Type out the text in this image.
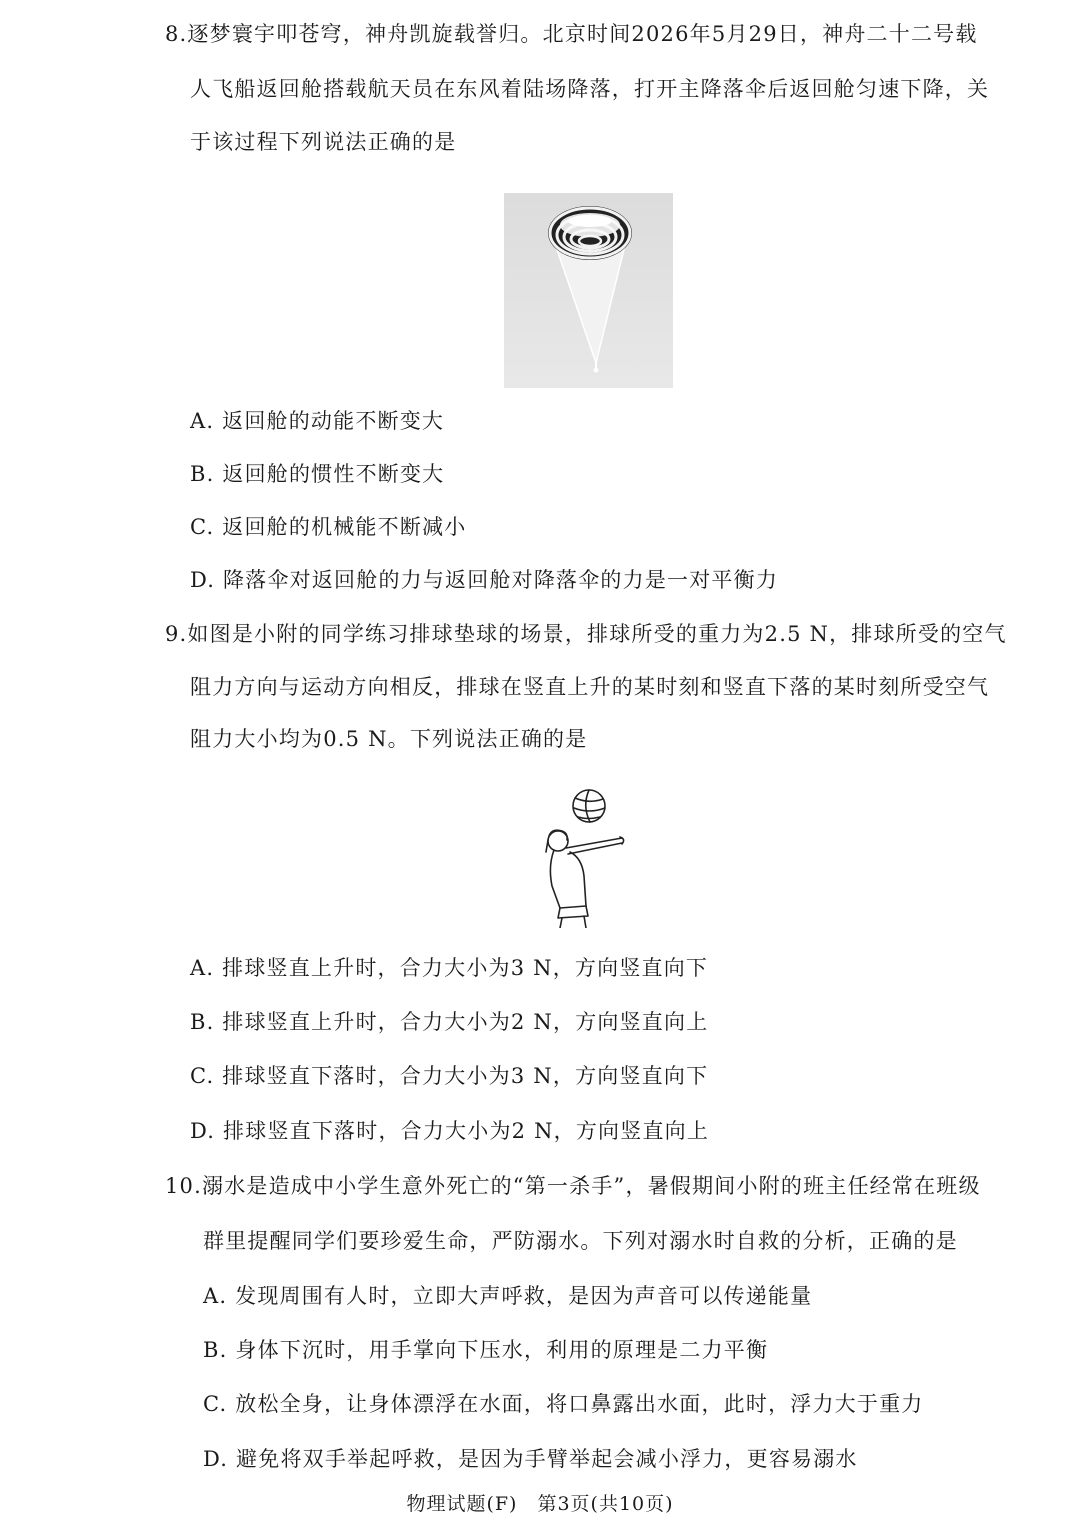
8.逐梦寰宇叩苍穹，神舟凯旋载誉归。北京时间2026年5月29日，神舟二十二号载
人飞船返回舱搭载航天员在东风着陆场降落，打开主降落伞后返回舱匀速下降，关
于该过程下列说法正确的是
A. 返回舱的动能不断变大
B. 返回舱的惯性不断变大
C. 返回舱的机械能不断减小
D. 降落伞对返回舱的力与返回舱对降落伞的力是一对平衡力
9.如图是小附的同学练习排球垫球的场景，排球所受的重力为2.5 N，排球所受的空气
阻力方向与运动方向相反，排球在竖直上升的某时刻和竖直下落的某时刻所受空气
阻力大小均为0.5 N。下列说法正确的是
A. 排球竖直上升时，合力大小为3 N，方向竖直向下
B. 排球竖直上升时，合力大小为2 N，方向竖直向上
C. 排球竖直下落时，合力大小为3 N，方向竖直向下
D. 排球竖直下落时，合力大小为2 N，方向竖直向上
10.溺水是造成中小学生意外死亡的“第一杀手”，暑假期间小附的班主任经常在班级
群里提醒同学们要珍爱生命，严防溺水。下列对溺水时自救的分析，正确的是
A. 发现周围有人时，立即大声呼救，是因为声音可以传递能量
B. 身体下沉时，用手掌向下压水，利用的原理是二力平衡
C. 放松全身，让身体漂浮在水面，将口鼻露出水面，此时，浮力大于重力
D. 避免将双手举起呼救，是因为手臂举起会减小浮力，更容易溺水
物理试题(F)　第3页(共10页)
